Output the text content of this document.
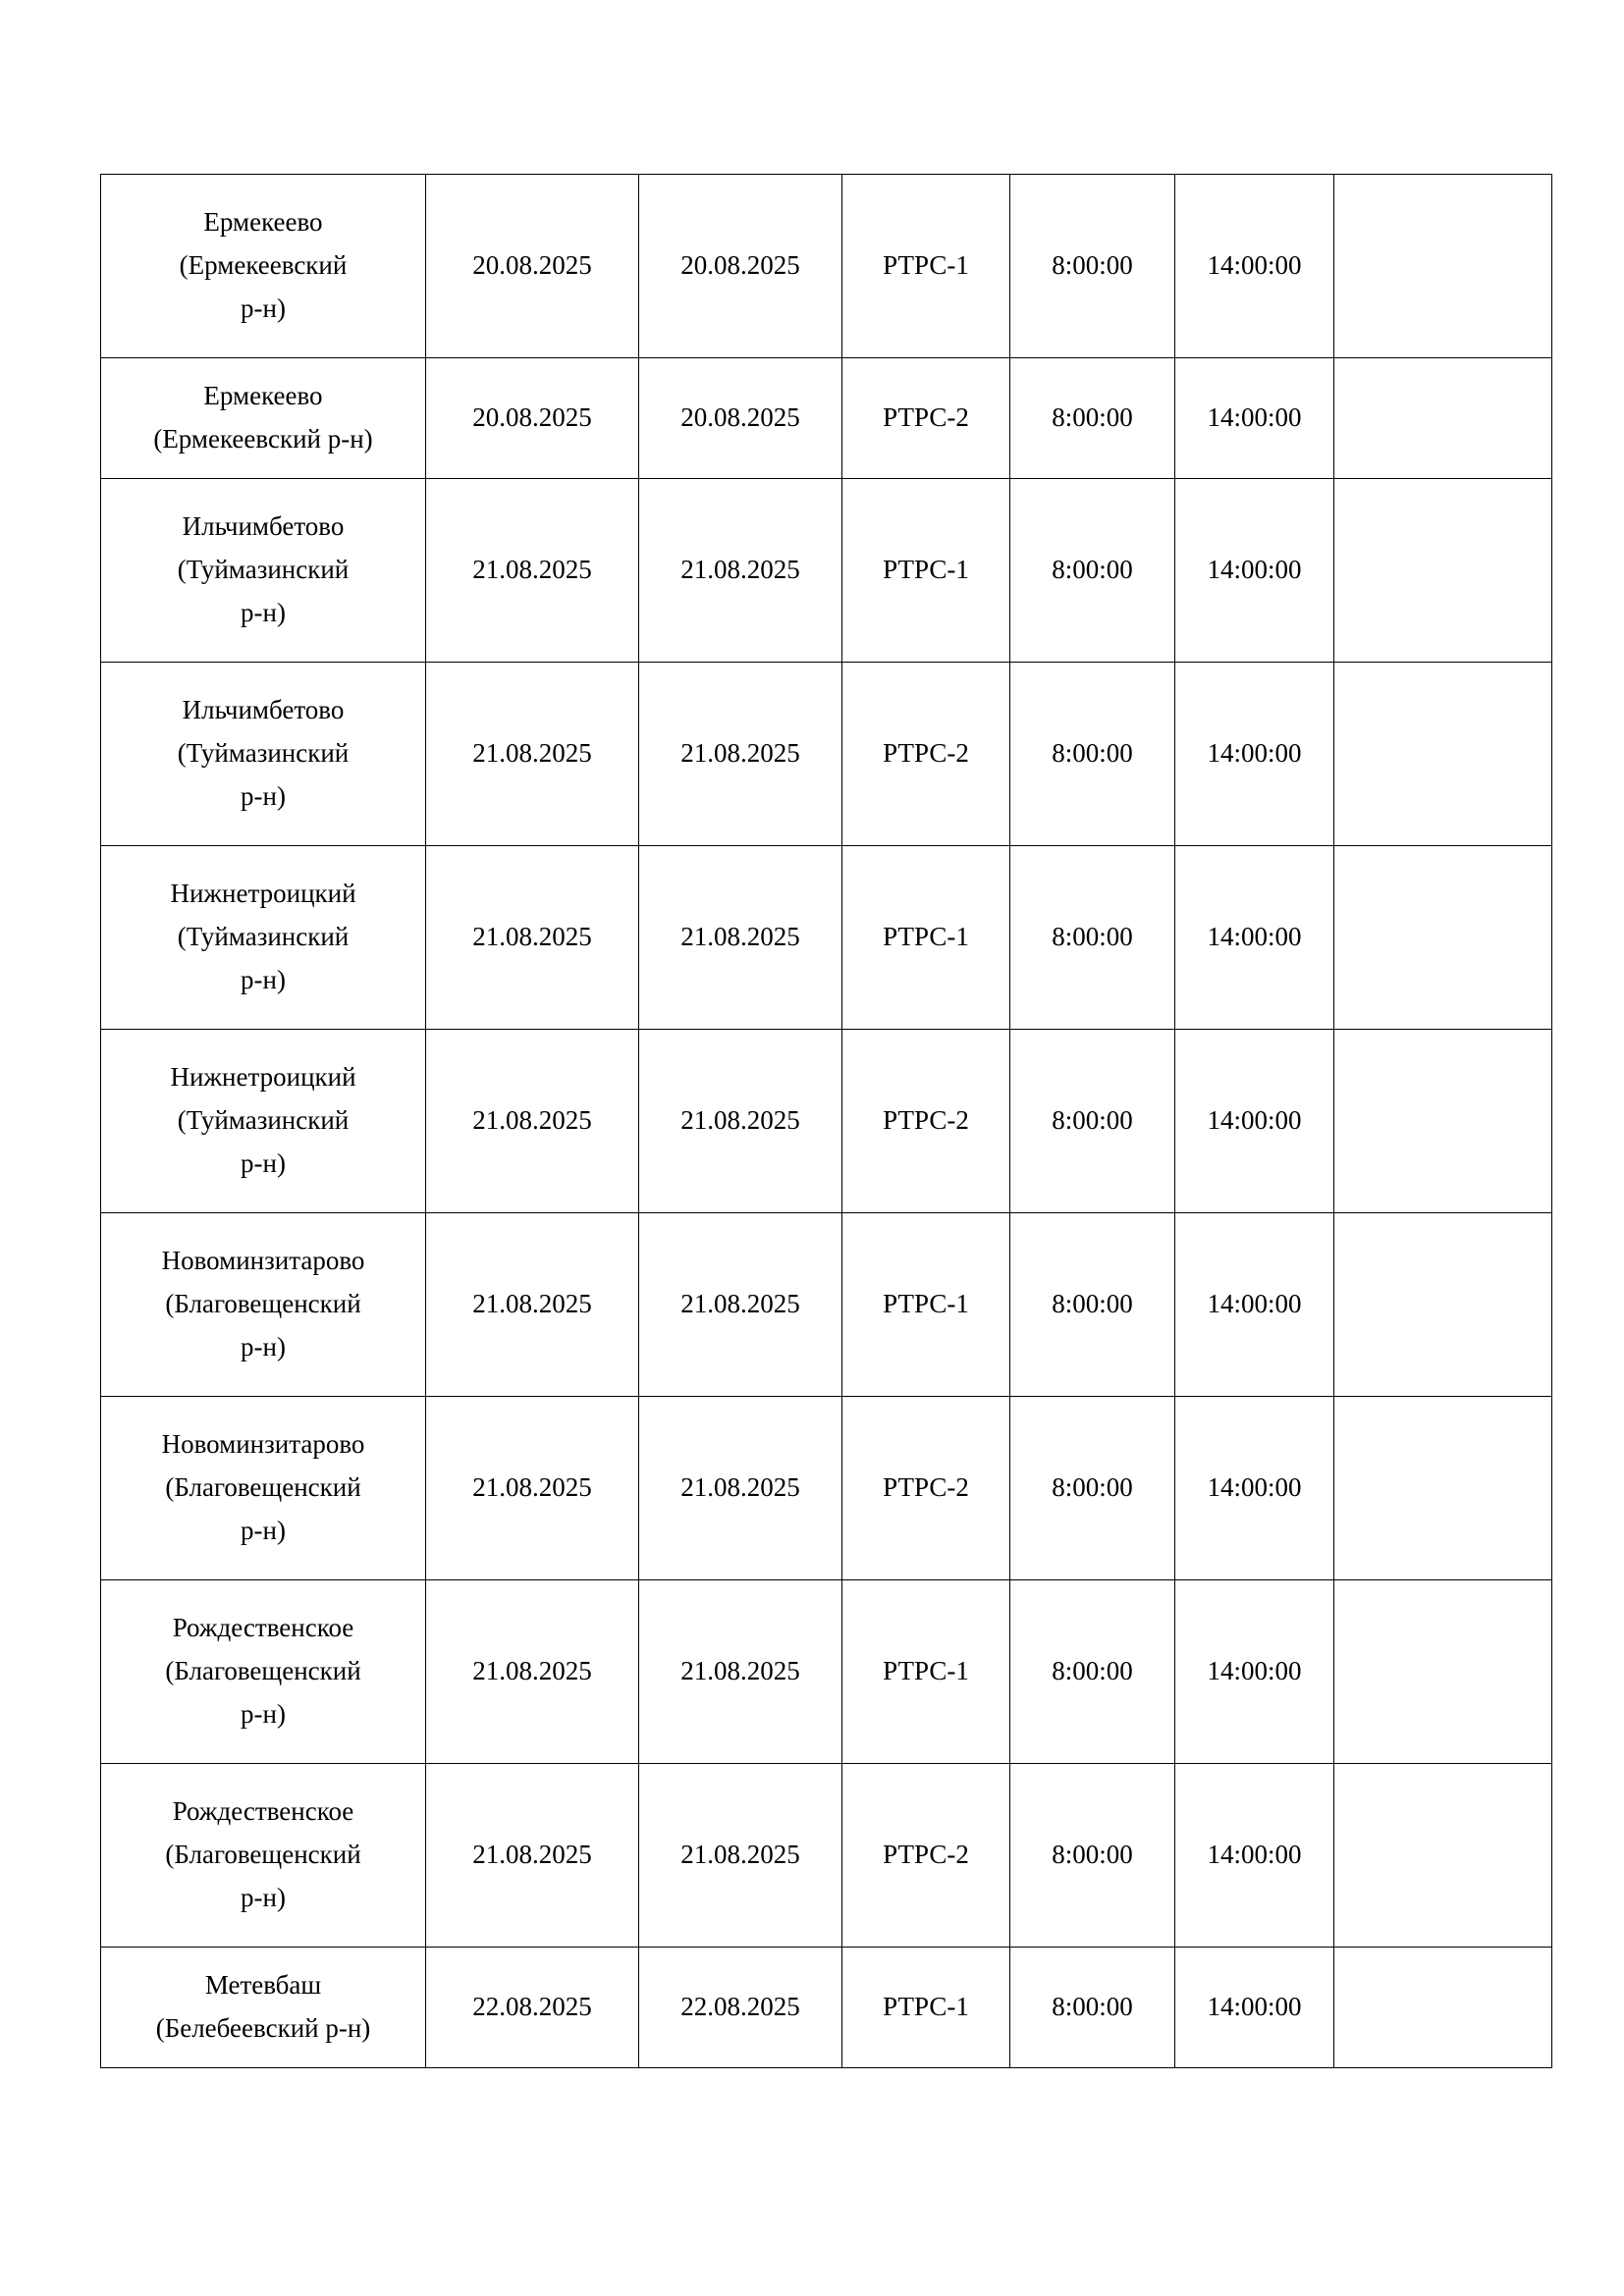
Ермекеево
(Ермекеевский
р-н)	20.08.2025	20.08.2025	РТРС-1	8:00:00	14:00:00	

Ермекеево
(Ермекеевский р-н)	20.08.2025	20.08.2025	РТРС-2	8:00:00	14:00:00	

Ильчимбетово
(Туймазинский
р-н)	21.08.2025	21.08.2025	РТРС-1	8:00:00	14:00:00	

Ильчимбетово
(Туймазинский
р-н)	21.08.2025	21.08.2025	РТРС-2	8:00:00	14:00:00	

Нижнетроицкий
(Туймазинский
р-н)	21.08.2025	21.08.2025	РТРС-1	8:00:00	14:00:00	

Нижнетроицкий
(Туймазинский
р-н)	21.08.2025	21.08.2025	РТРС-2	8:00:00	14:00:00	

Новоминзитарово
(Благовещенский
р-н)	21.08.2025	21.08.2025	РТРС-1	8:00:00	14:00:00	

Новоминзитарово
(Благовещенский
р-н)	21.08.2025	21.08.2025	РТРС-2	8:00:00	14:00:00	

Рождественское
(Благовещенский
р-н)	21.08.2025	21.08.2025	РТРС-1	8:00:00	14:00:00	

Рождественское
(Благовещенский
р-н)	21.08.2025	21.08.2025	РТРС-2	8:00:00	14:00:00	

Метевбаш
(Белебеевский р-н)	22.08.2025	22.08.2025	РТРС-1	8:00:00	14:00:00	
